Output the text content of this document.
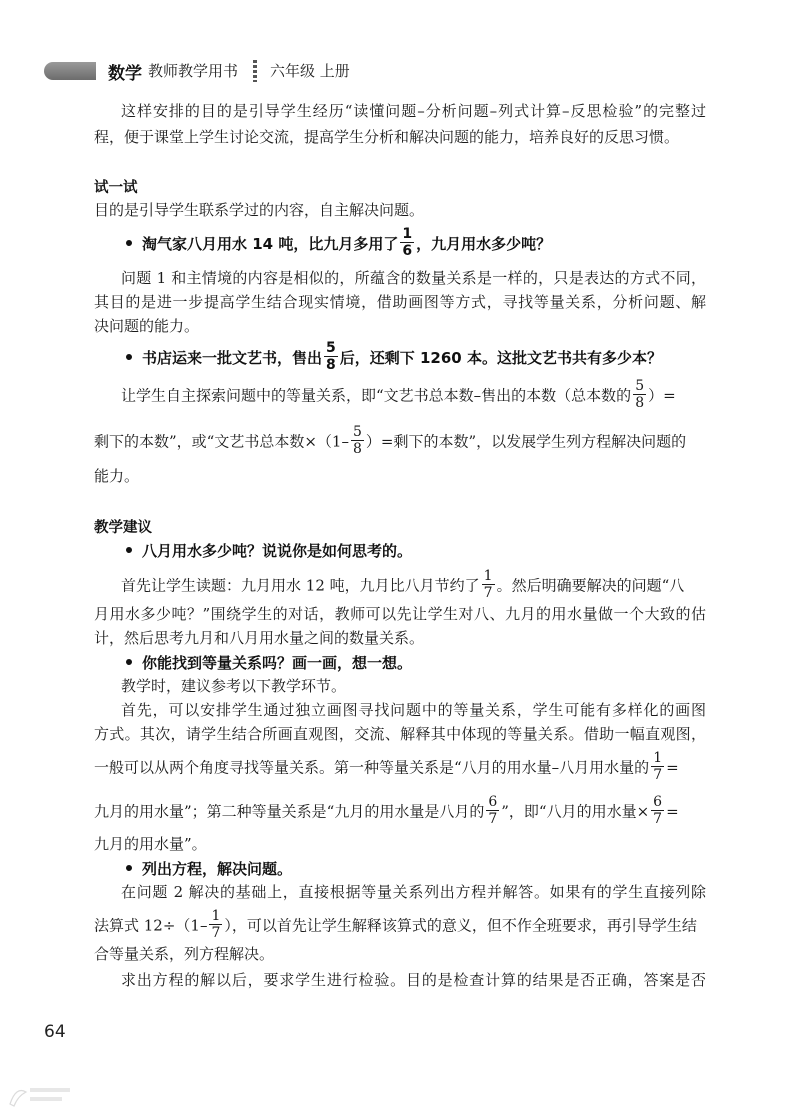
数学 教师教学用书 六年级 上册
这样安排的目的是引导学生经历“读懂问题–分析问题–列式计算–反思检验”的完整过
程，便于课堂上学生讨论交流，提高学生分析和解决问题的能力，培养良好的反思习惯。
试一试
目的是引导学生联系学过的内容，自主解决问题。
淘气家八月用水 14 吨，比九月多用了 $\frac{1}{6}$ ，九月用水多少吨？
问题 1 和主情境的内容是相似的，所蕴含的数量关系是一样的，只是表达的方式不同，
其目的是进一步提高学生结合现实情境，借助画图等方式，寻找等量关系，分析问题、解
决问题的能力。
书店运来一批文艺书，售出 $\frac{5}{8}$ 后，还剩下 1260 本。这批文艺书共有多少本？
让学生自主探索问题中的等量关系，即“文艺书总本数–售出的本数（总本数的 $\frac{5}{8}$ ）=
剩下的本数”，或“文艺书总本数$\times(1- \frac{5}{8}$ ）=剩下的本数”，以发展学生列方程解决问题的
能力。
教学建议
八月用水多少吨？说说你是如何思考的。
首先让学生读题：九月用水 12 吨，九月比八月节约了 $\frac{1}{7}$ 。然后明确要解决的问题“八
月用水多少吨？”围绕学生的对话，教师可以先让学生对八、九月的用水量做一个大致的估
计，然后思考九月和八月用水量之间的数量关系。
你能找到等量关系吗？画一画，想一想。
教学时，建议参考以下教学环节。
首先，可以安排学生通过独立画图寻找问题中的等量关系，学生可能有多样化的画图
方式。其次，请学生结合所画直观图，交流、解释其中体现的等量关系。借助一幅直观图，
一般可以从两个角度寻找等量关系。第一种等量关系是“八月的用水量–八月用水量的 $\frac{1}{7}$ =
九月的用水量”；第二种等量关系是“九月的用水量是八月的 $\frac{6}{7}$ ”，即“八月的用水量× $\frac{6}{7}$ =
九月的用水量”。
列出方程，解决问题。
在问题 2 解决的基础上，直接根据等量关系列出方程并解答。如果有的学生直接列除
法算式 $12\div(1- \frac{1}{7}$ ），可以首先让学生解释该算式的意义，但不作全班要求，再引导学生结
合等量关系，列方程解决。
求出方程的解以后，要求学生进行检验。目的是检查计算的结果是否正确，答案是否
64
